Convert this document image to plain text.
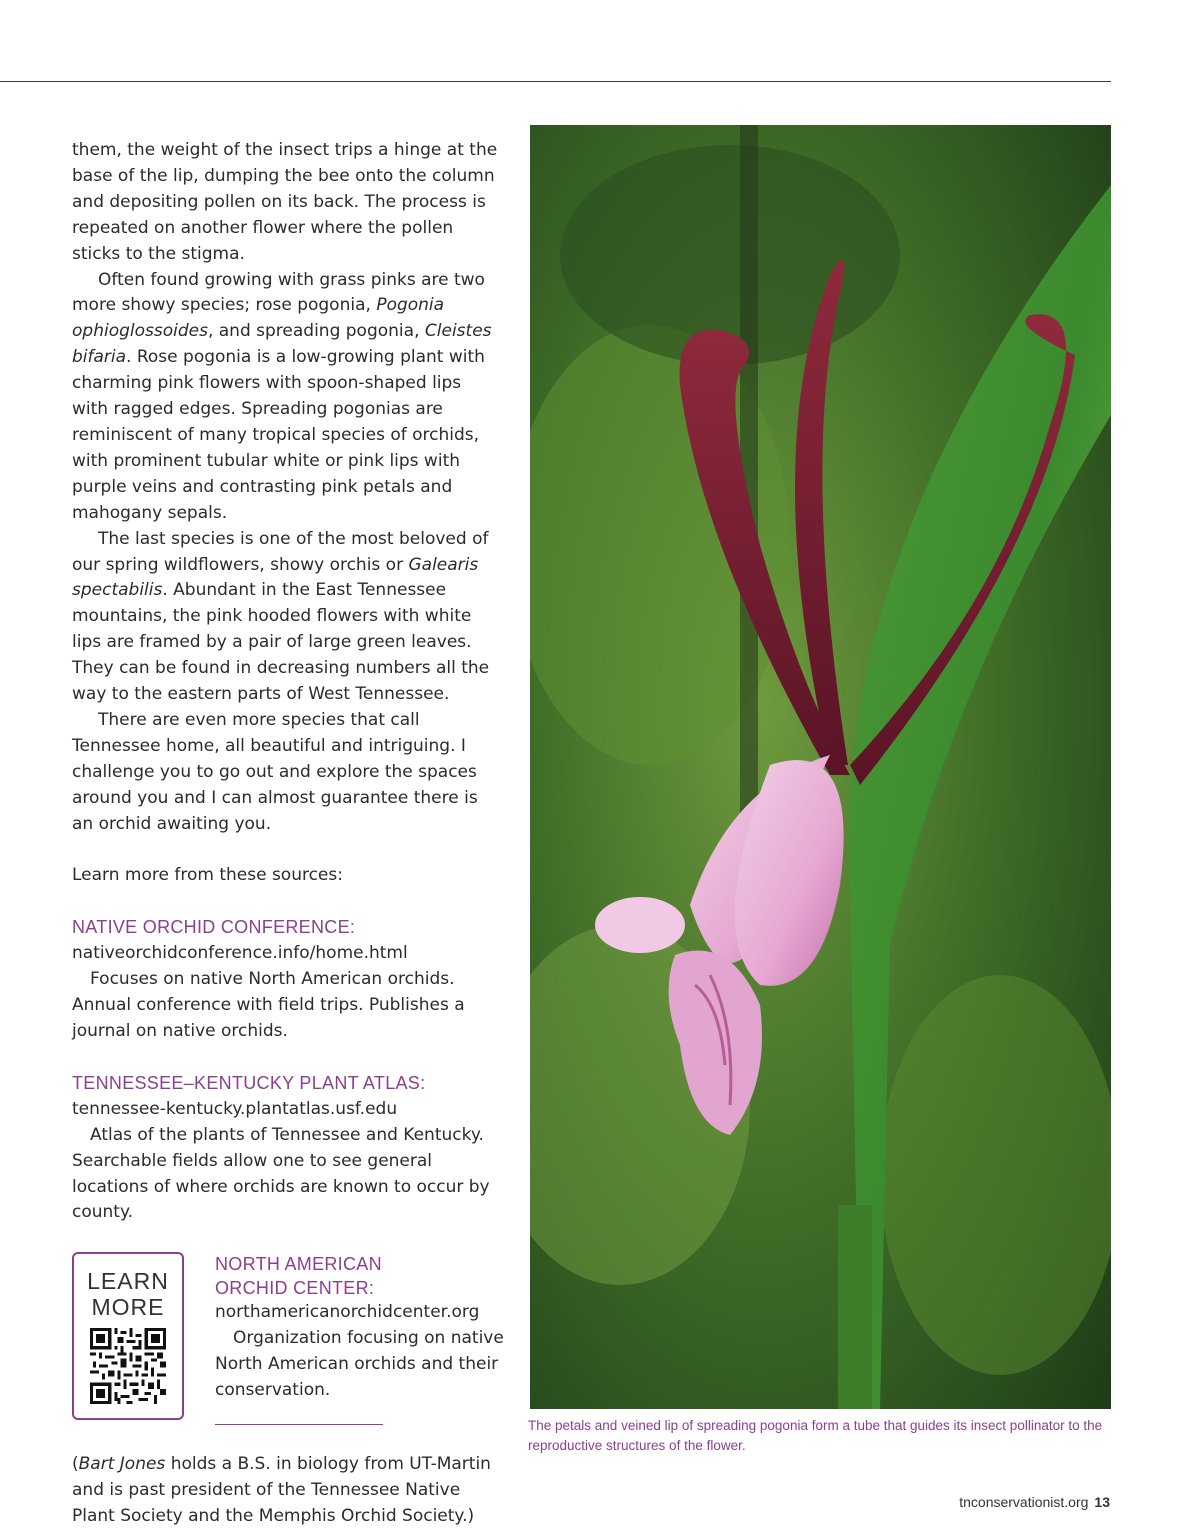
them, the weight of the insect trips a hinge at the base of the lip, dumping the bee onto the column and depositing pollen on its back. The process is repeated on another flower where the pollen sticks to the stigma.

Often found growing with grass pinks are two more showy species; rose pogonia, Pogonia ophioglossoides, and spreading pogonia, Cleistes bifaria. Rose pogonia is a low-growing plant with charming pink flowers with spoon-shaped lips with ragged edges. Spreading pogonias are reminiscent of many tropical species of orchids, with prominent tubular white or pink lips with purple veins and contrasting pink petals and mahogany sepals.

The last species is one of the most beloved of our spring wildflowers, showy orchis or Galearis spectabilis. Abundant in the East Tennessee mountains, the pink hooded flowers with white lips are framed by a pair of large green leaves. They can be found in decreasing numbers all the way to the eastern parts of West Tennessee.

There are even more species that call Tennessee home, all beautiful and intriguing. I challenge you to go out and explore the spaces around you and I can almost guarantee there is an orchid awaiting you.

Learn more from these sources:

NATIVE ORCHID CONFERENCE:

nativeorchidconference.info/home.html

Focuses on native North American orchids. Annual conference with field trips. Publishes a journal on native orchids.

TENNESSEE–KENTUCKY PLANT ATLAS:

tennessee-kentucky.plantatlas.usf.edu

Atlas of the plants of Tennessee and Kentucky. Searchable fields allow one to see general locations of where orchids are known to occur by county.

LEARN
MORE

NORTH AMERICAN
ORCHID CENTER:

northamericanorchidcenter.org

Organization focusing on native North American orchids and their conservation.

(Bart Jones holds a B.S. in biology from UT-Martin and is past president of the Tennessee Native Plant Society and the Memphis Orchid Society.)

The petals and veined lip of spreading pogonia form a tube that guides its insect pollinator to the reproductive structures of the flower.
tnconservationist.org 13
